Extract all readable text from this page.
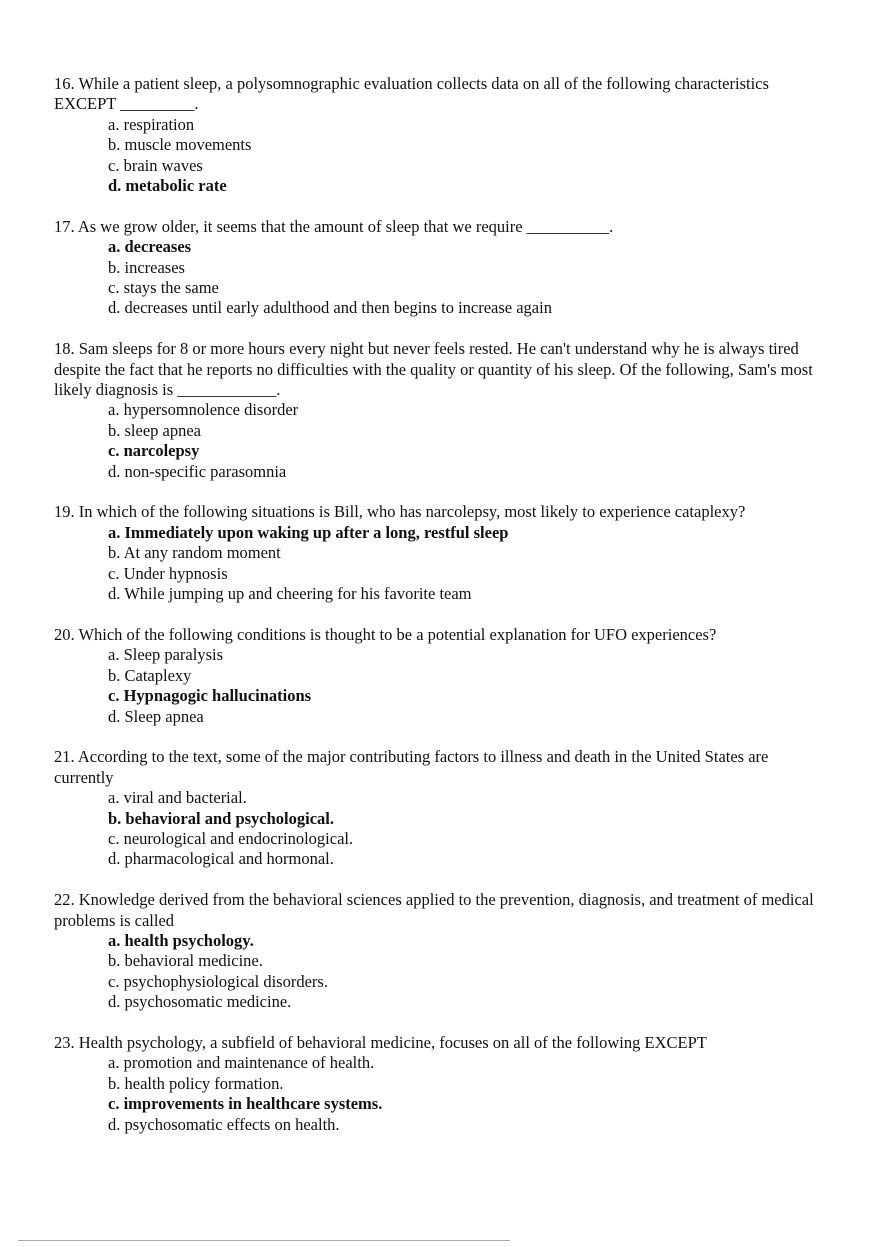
16. While a patient sleep, a polysomnographic evaluation collects data on all of the following characteristics EXCEPT _________.

a. respiration
b. muscle movements
c. brain waves
d. metabolic rate

17. As we grow older, it seems that the amount of sleep that we require __________.

a. decreases
b. increases
c. stays the same
d. decreases until early adulthood and then begins to increase again

18. Sam sleeps for 8 or more hours every night but never feels rested. He can't understand why he is always tired despite the fact that he reports no difficulties with the quality or quantity of his sleep. Of the following, Sam's most likely diagnosis is ____________.

a. hypersomnolence disorder
b. sleep apnea
c. narcolepsy
d. non-specific parasomnia

19. In which of the following situations is Bill, who has narcolepsy, most likely to experience cataplexy?

a. Immediately upon waking up after a long, restful sleep
b. At any random moment
c. Under hypnosis
d. While jumping up and cheering for his favorite team

20. Which of the following conditions is thought to be a potential explanation for UFO experiences?

a. Sleep paralysis
b. Cataplexy
c. Hypnagogic hallucinations
d. Sleep apnea

21. According to the text, some of the major contributing factors to illness and death in the United States are currently

a. viral and bacterial.
b. behavioral and psychological.
c. neurological and endocrinological.
d. pharmacological and hormonal.

22. Knowledge derived from the behavioral sciences applied to the prevention, diagnosis, and treatment of medical problems is called

a. health psychology.
b. behavioral medicine.
c. psychophysiological disorders.
d. psychosomatic medicine.

23. Health psychology, a subfield of behavioral medicine, focuses on all of the following EXCEPT

a. promotion and maintenance of health.
b. health policy formation.
c. improvements in healthcare systems.
d. psychosomatic effects on health.
